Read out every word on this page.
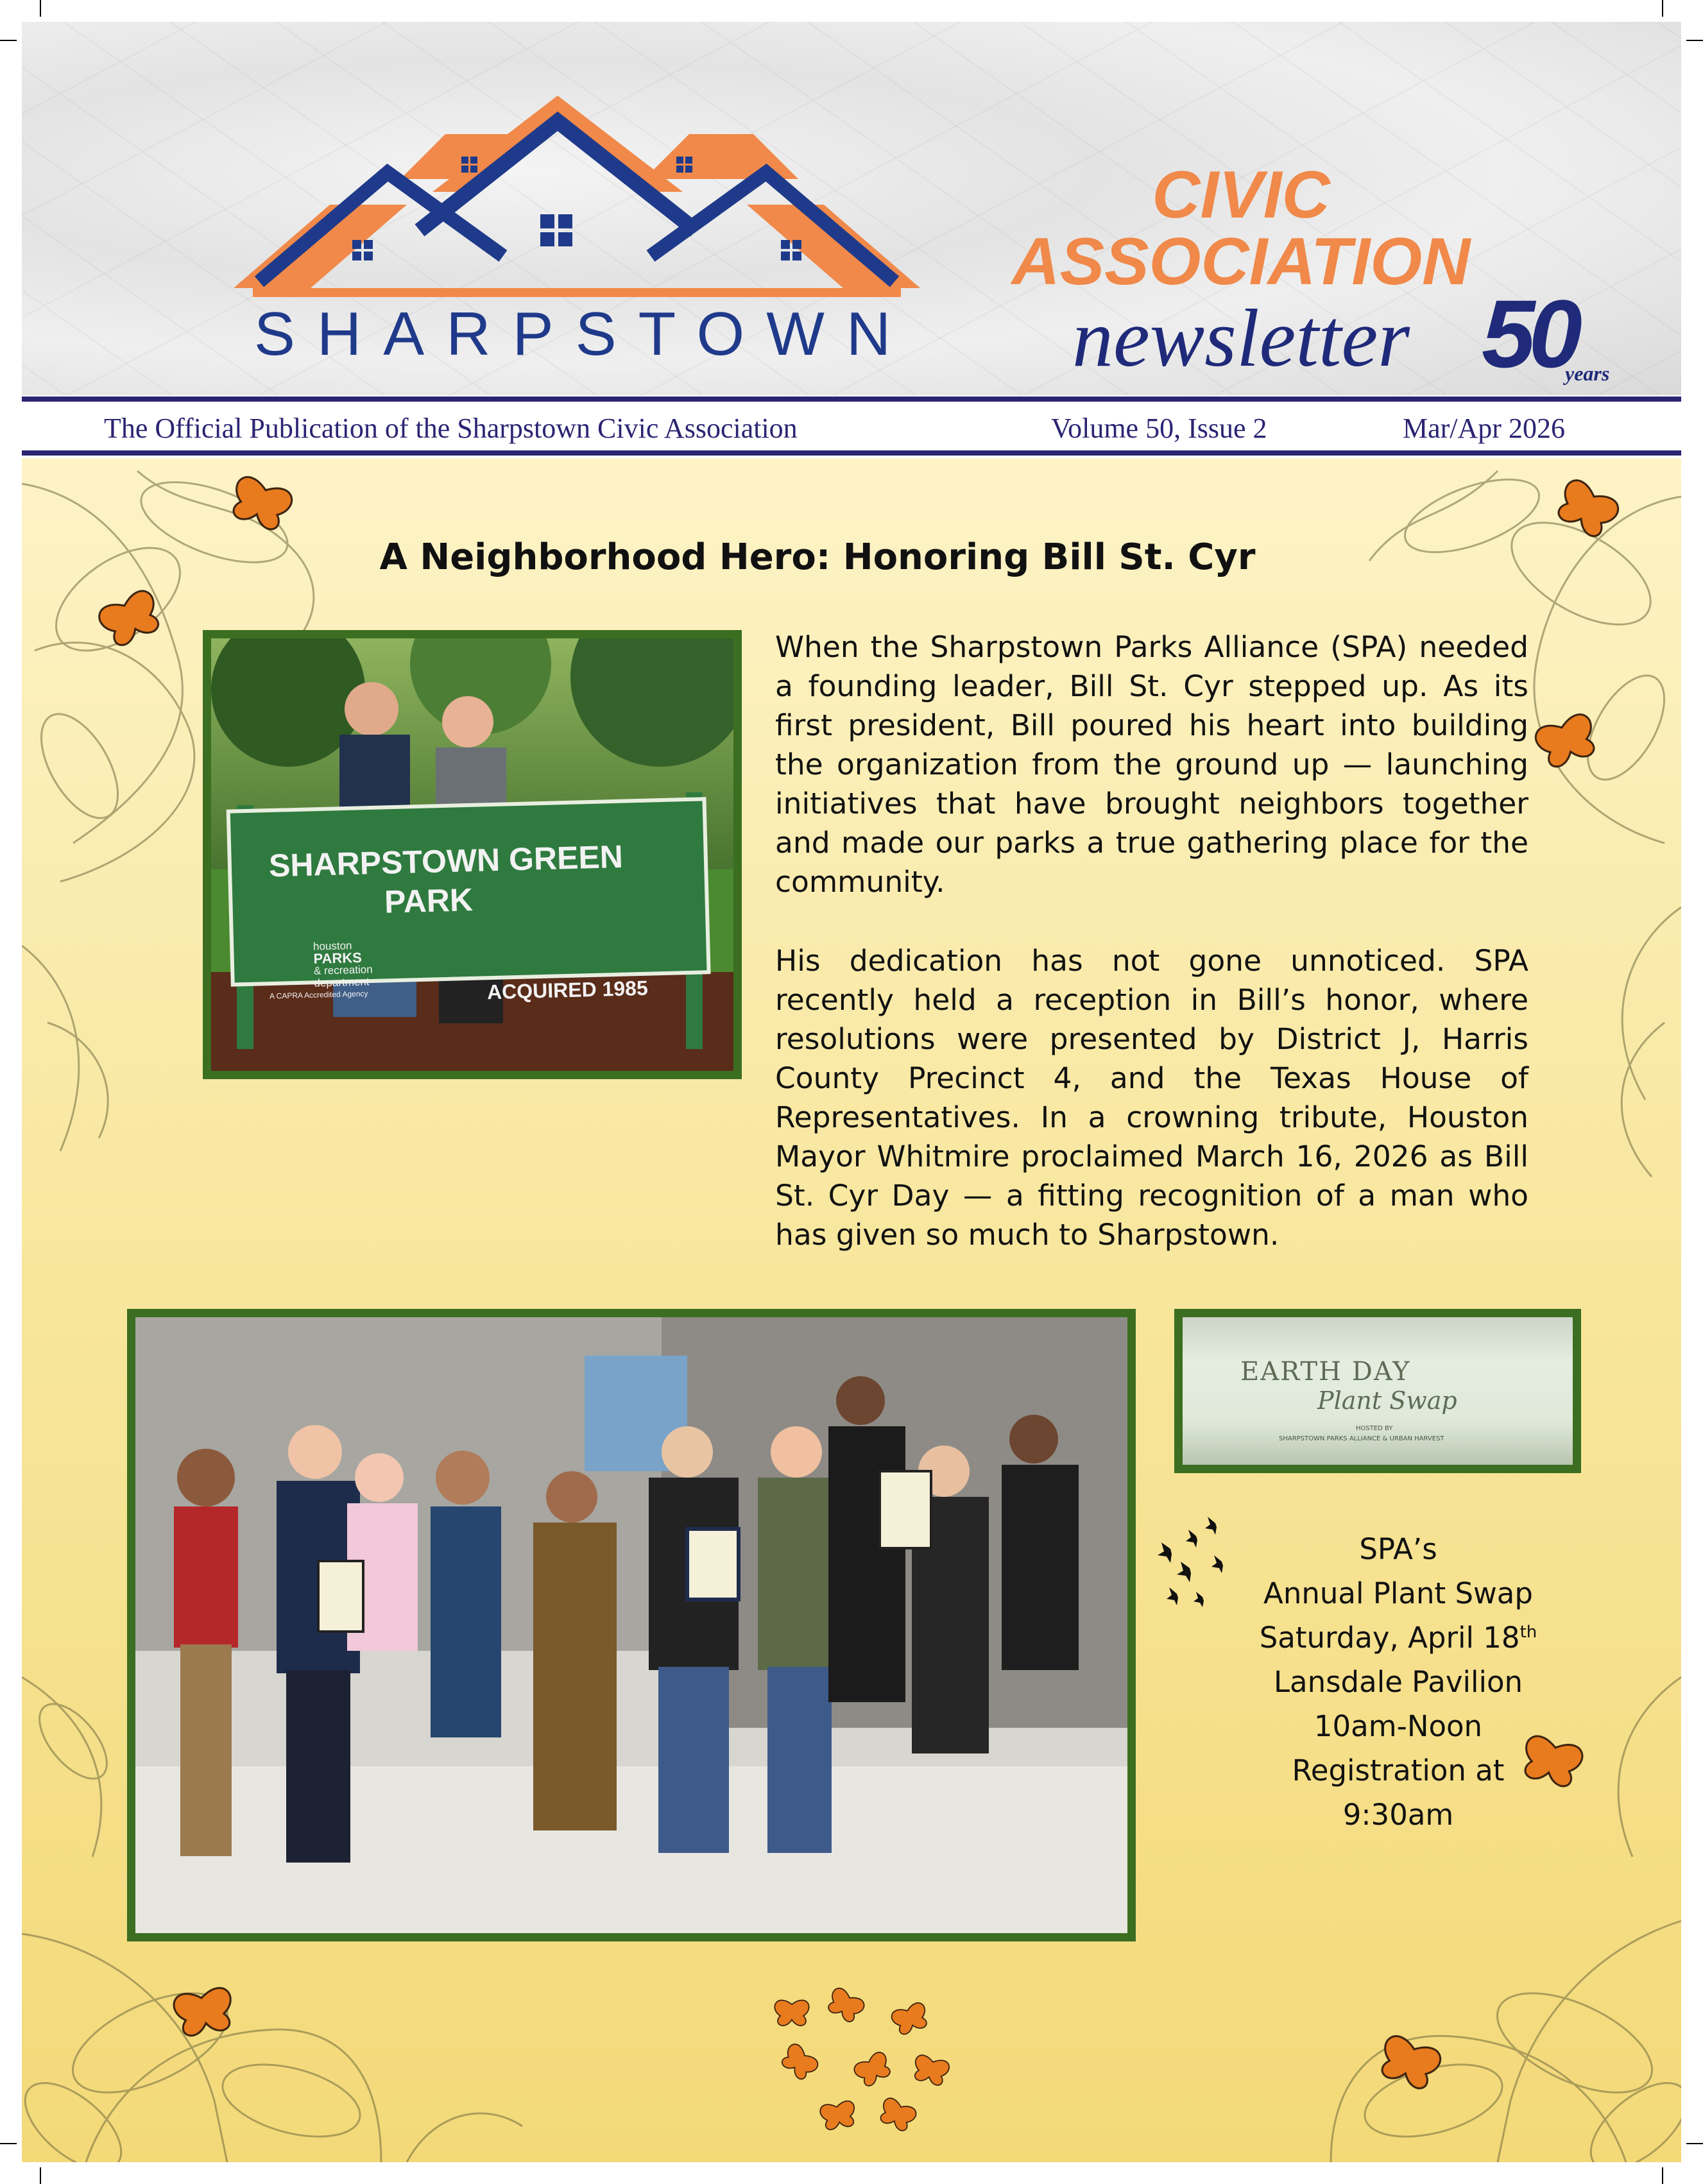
SHARPSTOWN
CIVIC
ASSOCIATION
newsletter 50
years
The Official Publication of the Sharpstown Civic Association	Volume 50, Issue 2	Mar/Apr 2026
A Neighborhood Hero: Honoring Bill St. Cyr
SHARPSTOWN GREEN
PARK
ACQUIRED 1985
houston
PARKS
& recreation
department
A CAPRA Accredited Agency

When the Sharpstown Parks Alliance (SPA) needed a founding leader, Bill St. Cyr stepped up. As its first president, Bill poured his heart into building the organization from the ground up — launching initiatives that have brought neighbors together and made our parks a true gathering place for the community.

His dedication has not gone unnoticed. SPA recently held a reception in Bill’s honor, where resolutions were presented by District J, Harris County Precinct 4, and the Texas House of Representatives. In a crowning tribute, Houston Mayor Whitmire proclaimed March 16, 2026 as Bill St. Cyr Day — a fitting recognition of a man who has given so much to Sharpstown.

EARTH DAY
Plant Swap
HOSTED BY
SHARPSTOWN PARKS ALLIANCE & URBAN HARVEST
SPA’s
Annual Plant Swap
Saturday, April 18th
Lansdale Pavilion
10am-Noon
Registration at
9:30am
